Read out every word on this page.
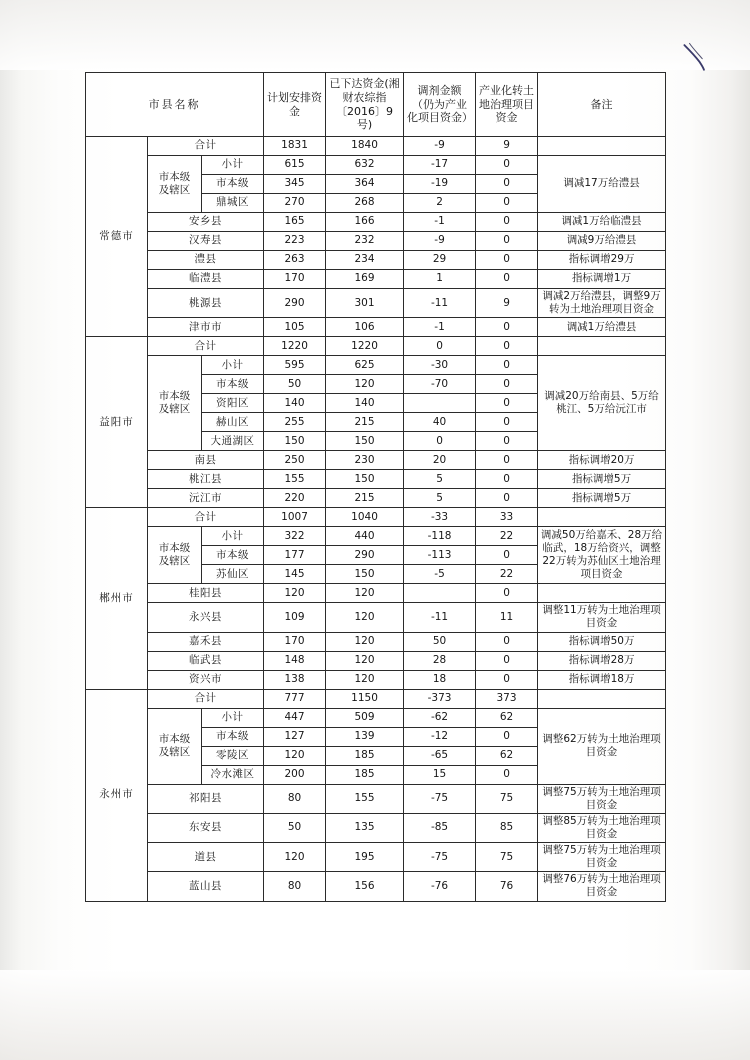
市县名称			计划安排资金	已下达资金(湘财农综指〔2016〕9号)	调剂金额（仍为产业化项目资金）	产业化转土地治理项目资金	备注
常德市	合计		1831	1840	-9	9	
	市本级
及辖区	小计	615	632	-17	0	调减17万给澧县
		市本级	345	364	-19	0	
		鼎城区	270	268	2	0	
	安乡县		165	166	-1	0	调减1万给临澧县
	汉寿县		223	232	-9	0	调减9万给澧县
	澧县		263	234	29	0	指标调增29万
	临澧县		170	169	1	0	指标调增1万
	桃源县		290	301	-11	9	调减2万给澧县，调整9万转为土地治理项目资金
	津市市		105	106	-1	0	调减1万给澧县
益阳市	合计		1220	1220	0	0	
	市本级
及辖区	小计	595	625	-30	0	调减20万给南县、5万给桃江、5万给沅江市
		市本级	50	120	-70	0	
		资阳区	140	140		0	
		赫山区	255	215	40	0	
		大通湖区	150	150	0	0	
	南县		250	230	20	0	指标调增20万
	桃江县		155	150	5	0	指标调增5万
	沅江市		220	215	5	0	指标调增5万
郴州市	合计		1007	1040	-33	33	
	市本级
及辖区	小计	322	440	-118	22	调减50万给嘉禾、28万给临武，18万给资兴，调整22万转为苏仙区土地治理项目资金
		市本级	177	290	-113	0	
		苏仙区	145	150	-5	22	
	桂阳县		120	120		0	
	永兴县		109	120	-11	11	调整11万转为土地治理项目资金
	嘉禾县		170	120	50	0	指标调增50万
	临武县		148	120	28	0	指标调增28万
	资兴市		138	120	18	0	指标调增18万
永州市	合计		777	1150	-373	373	
	市本级
及辖区	小计	447	509	-62	62	调整62万转为土地治理项目资金
		市本级	127	139	-12	0	
		零陵区	120	185	-65	62	
		冷水滩区	200	185	15	0	
	祁阳县		80	155	-75	75	调整75万转为土地治理项目资金
	东安县		50	135	-85	85	调整85万转为土地治理项目资金
	道县		120	195	-75	75	调整75万转为土地治理项目资金
	蓝山县		80	156	-76	76	调整76万转为土地治理项目资金
